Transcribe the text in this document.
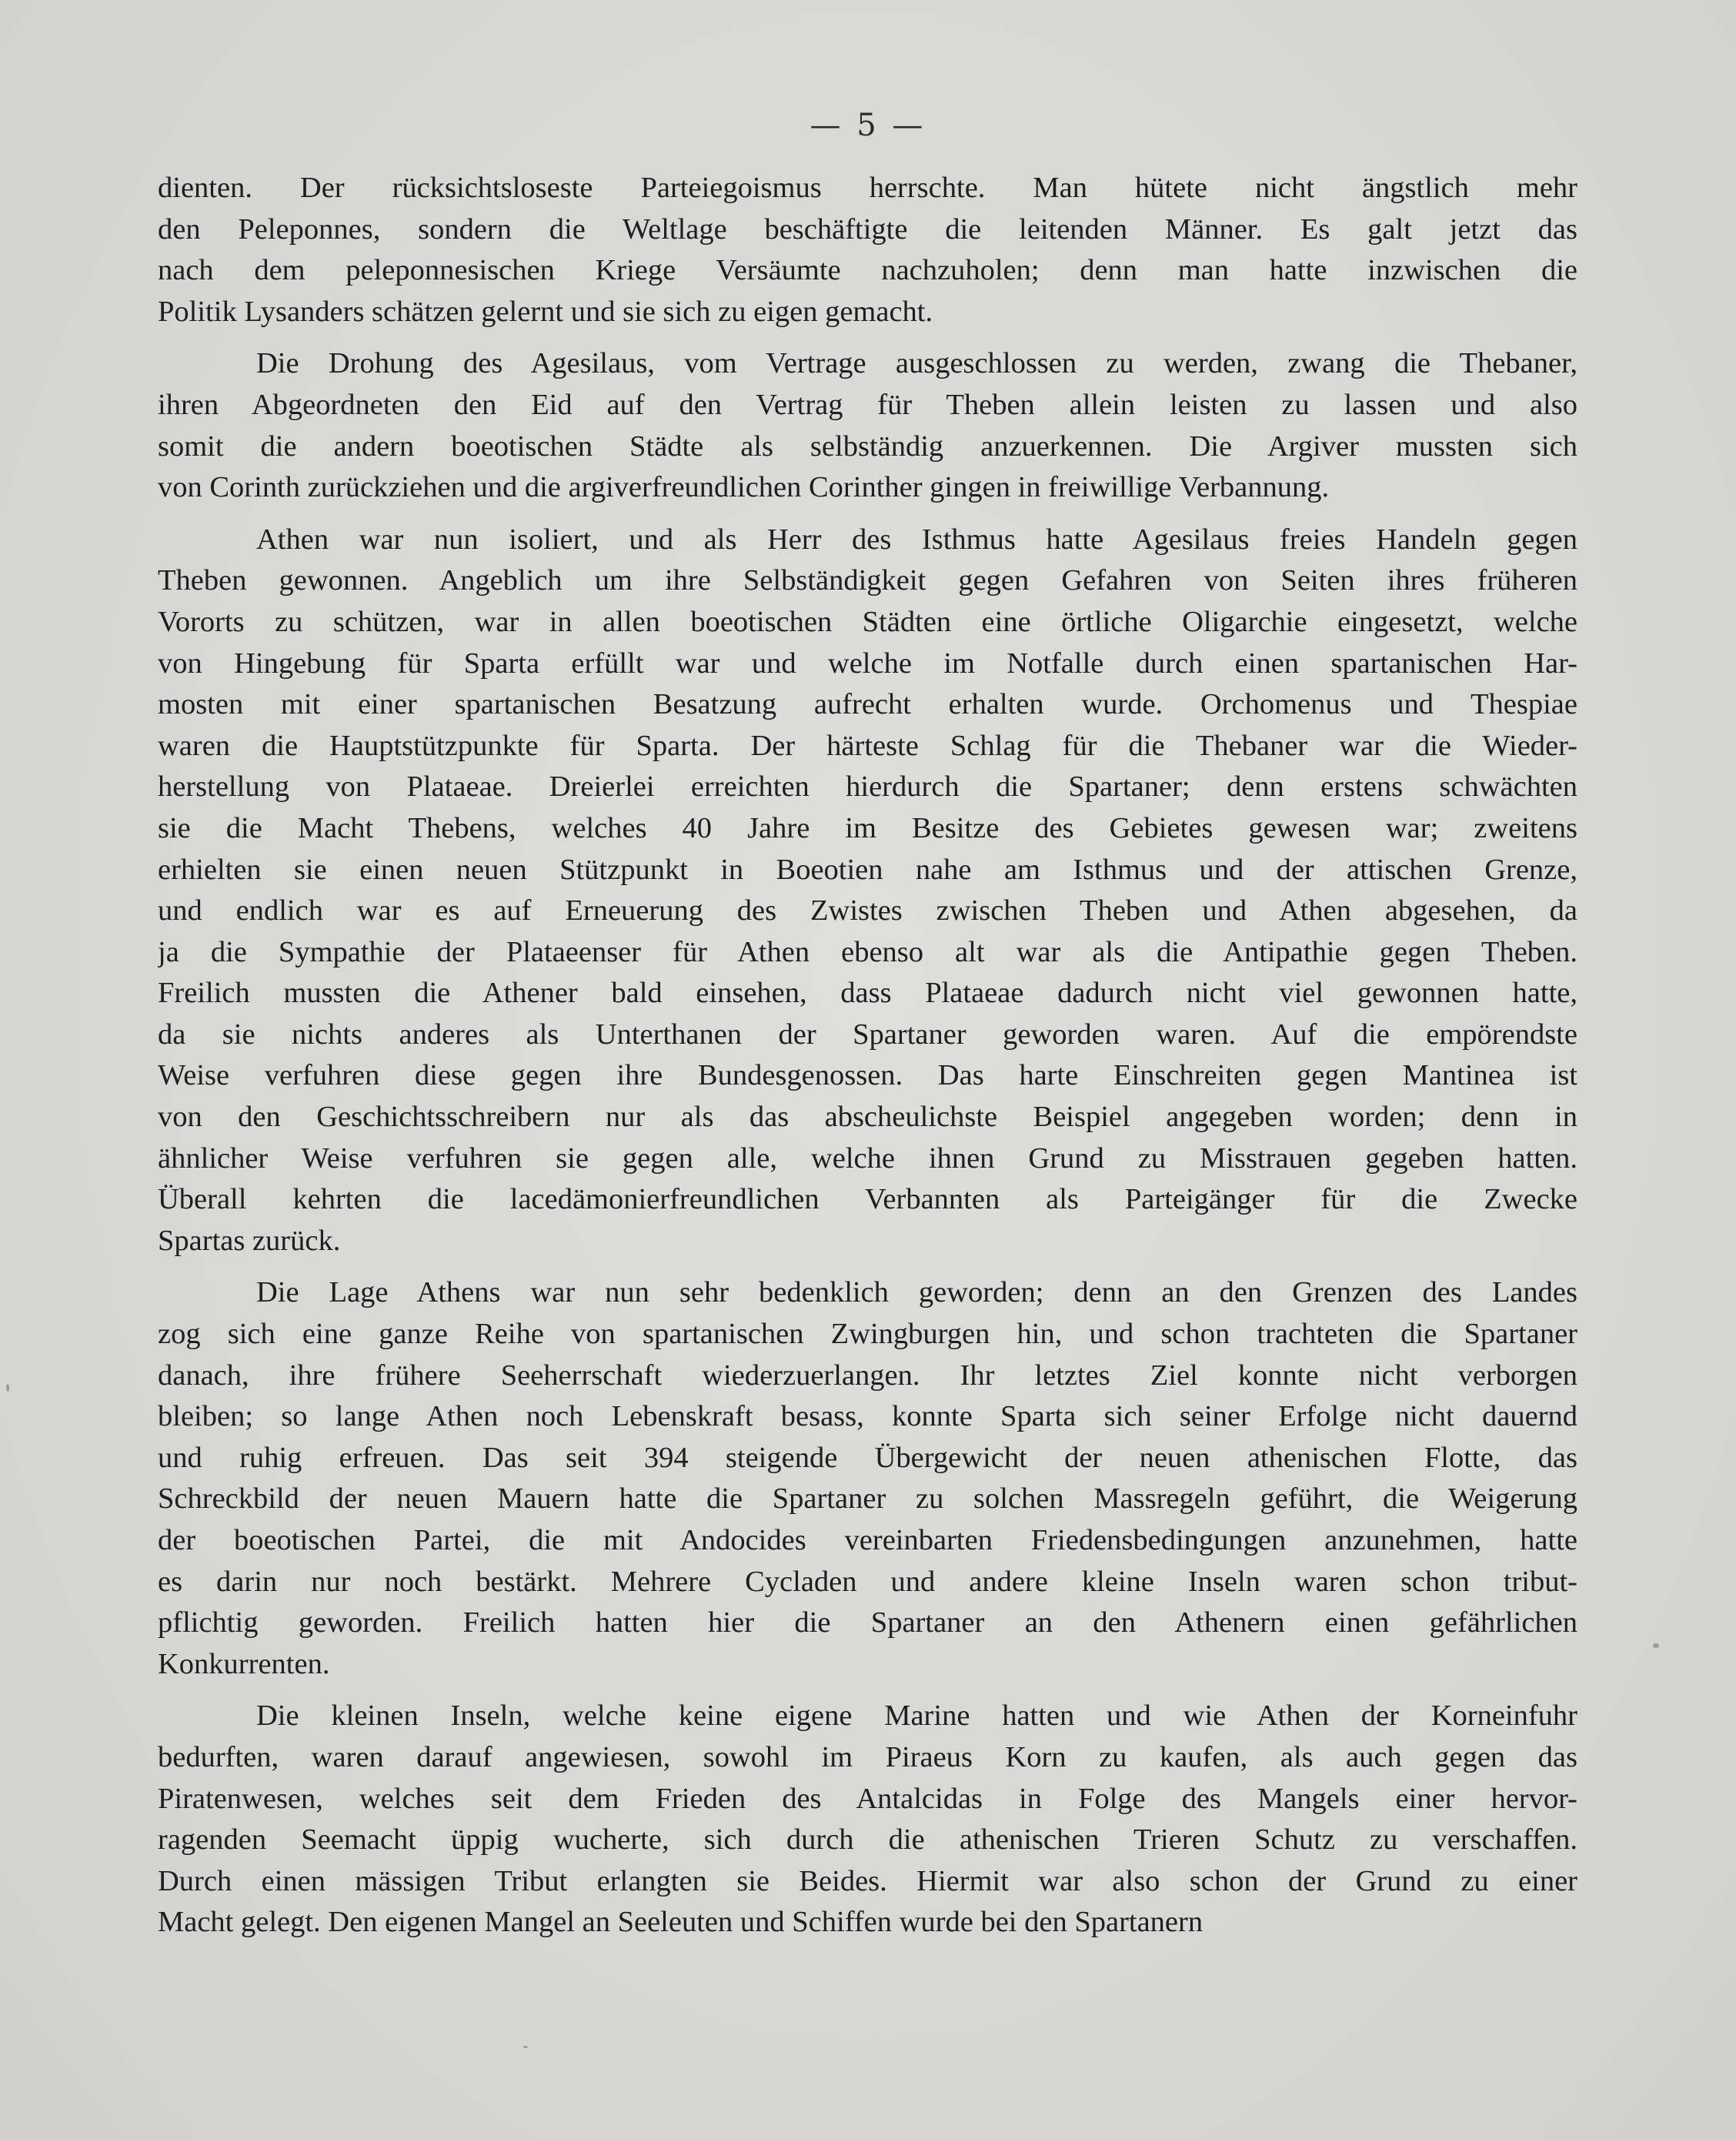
— 5 —
dienten. Der rücksichtsloseste Parteiegoismus herrschte. Man hütete nicht ängstlich mehr
den Peleponnes, sondern die Weltlage beschäftigte die leitenden Männer. Es galt jetzt das
nach dem peleponnesischen Kriege Versäumte nachzuholen; denn man hatte inzwischen die
Politik Lysanders schätzen gelernt und sie sich zu eigen gemacht.
Die Drohung des Agesilaus, vom Vertrage ausgeschlossen zu werden, zwang die Thebaner,
ihren Abgeordneten den Eid auf den Vertrag für Theben allein leisten zu lassen und also
somit die andern boeotischen Städte als selbständig anzuerkennen. Die Argiver mussten sich
von Corinth zurückziehen und die argiverfreundlichen Corinther gingen in freiwillige Verbannung.
Athen war nun isoliert, und als Herr des Isthmus hatte Agesilaus freies Handeln gegen
Theben gewonnen. Angeblich um ihre Selbständigkeit gegen Gefahren von Seiten ihres früheren
Vororts zu schützen, war in allen boeotischen Städten eine örtliche Oligarchie eingesetzt, welche
von Hingebung für Sparta erfüllt war und welche im Notfalle durch einen spartanischen Har-
mosten mit einer spartanischen Besatzung aufrecht erhalten wurde. Orchomenus und Thespiae
waren die Hauptstützpunkte für Sparta. Der härteste Schlag für die Thebaner war die Wieder-
herstellung von Plataeae. Dreierlei erreichten hierdurch die Spartaner; denn erstens schwächten
sie die Macht Thebens, welches 40 Jahre im Besitze des Gebietes gewesen war; zweitens
erhielten sie einen neuen Stützpunkt in Boeotien nahe am Isthmus und der attischen Grenze,
und endlich war es auf Erneuerung des Zwistes zwischen Theben und Athen abgesehen, da
ja die Sympathie der Plataeenser für Athen ebenso alt war als die Antipathie gegen Theben.
Freilich mussten die Athener bald einsehen, dass Plataeae dadurch nicht viel gewonnen hatte,
da sie nichts anderes als Unterthanen der Spartaner geworden waren. Auf die empörendste
Weise verfuhren diese gegen ihre Bundesgenossen. Das harte Einschreiten gegen Mantinea ist
von den Geschichtsschreibern nur als das abscheulichste Beispiel angegeben worden; denn in
ähnlicher Weise verfuhren sie gegen alle, welche ihnen Grund zu Misstrauen gegeben hatten.
Überall kehrten die lacedämonierfreundlichen Verbannten als Parteigänger für die Zwecke
Spartas zurück.
Die Lage Athens war nun sehr bedenklich geworden; denn an den Grenzen des Landes
zog sich eine ganze Reihe von spartanischen Zwingburgen hin, und schon trachteten die Spartaner
danach, ihre frühere Seeherrschaft wiederzuerlangen. Ihr letztes Ziel konnte nicht verborgen
bleiben; so lange Athen noch Lebenskraft besass, konnte Sparta sich seiner Erfolge nicht dauernd
und ruhig erfreuen. Das seit 394 steigende Übergewicht der neuen athenischen Flotte, das
Schreckbild der neuen Mauern hatte die Spartaner zu solchen Massregeln geführt, die Weigerung
der boeotischen Partei, die mit Andocides vereinbarten Friedensbedingungen anzunehmen, hatte
es darin nur noch bestärkt. Mehrere Cycladen und andere kleine Inseln waren schon tribut-
pflichtig geworden. Freilich hatten hier die Spartaner an den Athenern einen gefährlichen
Konkurrenten.
Die kleinen Inseln, welche keine eigene Marine hatten und wie Athen der Korneinfuhr
bedurften, waren darauf angewiesen, sowohl im Piraeus Korn zu kaufen, als auch gegen das
Piratenwesen, welches seit dem Frieden des Antalcidas in Folge des Mangels einer hervor-
ragenden Seemacht üppig wucherte, sich durch die athenischen Trieren Schutz zu verschaffen.
Durch einen mässigen Tribut erlangten sie Beides. Hiermit war also schon der Grund zu einer
Macht gelegt. Den eigenen Mangel an Seeleuten und Schiffen wurde bei den Spartanern
